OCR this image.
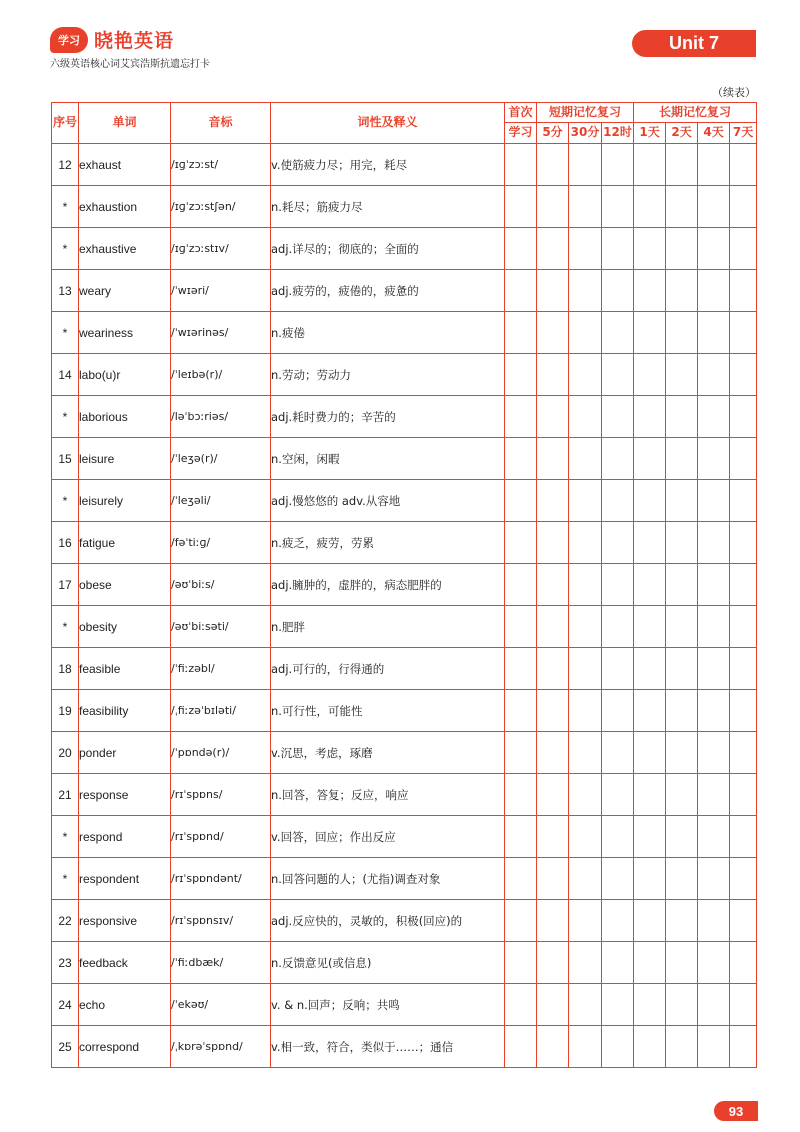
学习 晓艳英语
六级英语核心词艾宾浩斯抗遗忘打卡
Unit 7
（续表）
序号	单词	音标	词性及释义	首次	短期记忆复习			长期记忆复习			
				学习	5分	30分	12时	1天	2天	4天	7天
12	exhaust	/ɪɡˈzɔːst/	v.使筋疲力尽；用完，耗尽								
*	exhaustion	/ɪɡˈzɔːstʃən/	n.耗尽；筋疲力尽								
*	exhaustive	/ɪɡˈzɔːstɪv/	adj.详尽的；彻底的；全面的								
13	weary	/ˈwɪəri/	adj.疲劳的，疲倦的，疲惫的								
*	weariness	/ˈwɪərinəs/	n.疲倦								
14	labo(u)r	/ˈleɪbə(r)/	n.劳动；劳动力								
*	laborious	/ləˈbɔːriəs/	adj.耗时费力的；辛苦的								
15	leisure	/ˈleʒə(r)/	n.空闲，闲暇								
*	leisurely	/ˈleʒəli/	adj.慢悠悠的 adv.从容地								
16	fatigue	/fəˈtiːɡ/	n.疲乏，疲劳，劳累								
17	obese	/əʊˈbiːs/	adj.臃肿的，虚胖的，病态肥胖的								
*	obesity	/əʊˈbiːsəti/	n.肥胖								
18	feasible	/ˈfiːzəbl/	adj.可行的，行得通的								
19	feasibility	/ˌfiːzəˈbɪləti/	n.可行性，可能性								
20	ponder	/ˈpɒndə(r)/	v.沉思，考虑，琢磨								
21	response	/rɪˈspɒns/	n.回答，答复；反应，响应								
*	respond	/rɪˈspɒnd/	v.回答，回应；作出反应								
*	respondent	/rɪˈspɒndənt/	n.回答问题的人；(尤指)调查对象								
22	responsive	/rɪˈspɒnsɪv/	adj.反应快的，灵敏的，积极(回应)的								
23	feedback	/ˈfiːdbæk/	n.反馈意见(或信息)								
24	echo	/ˈekəʊ/	v. & n.回声；反响；共鸣								
25	correspond	/ˌkɒrəˈspɒnd/	v.相一致，符合，类似于……；通信								
93
